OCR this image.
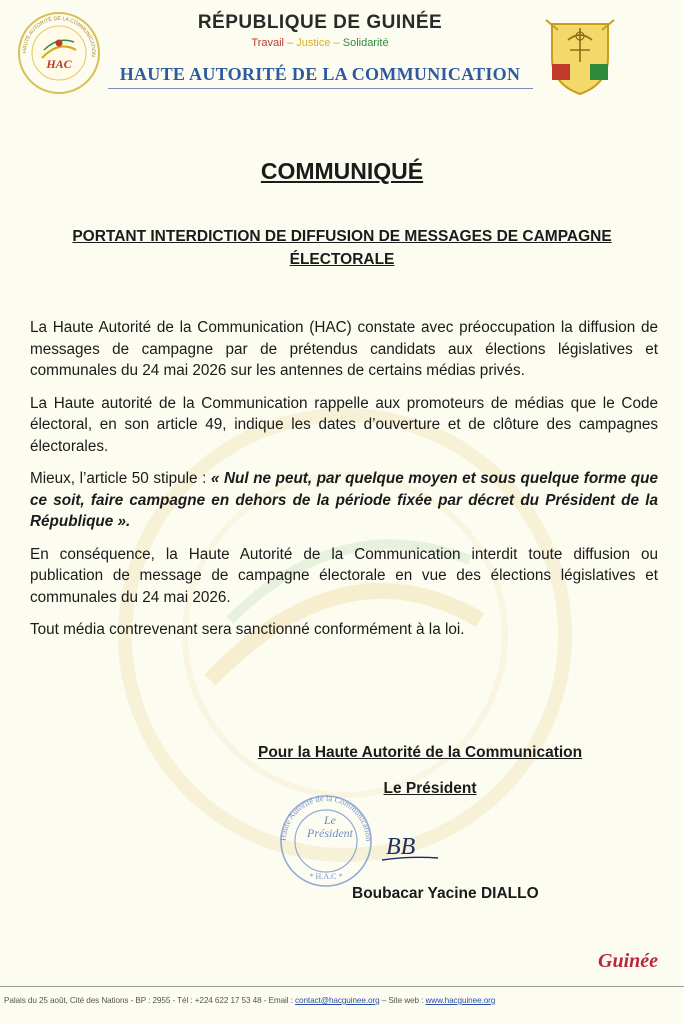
HAUTE AUTORITÉ DE LA COMMUNICATION
HAC
RÉPUBLIQUE DE GUINÉE
Travail – Justice – Solidarité
HAUTE AUTORITÉ DE LA COMMUNICATION
COMMUNIQUÉ
PORTANT INTERDICTION DE DIFFUSION DE MESSAGES DE CAMPAGNE
ÉLECTORALE

La Haute Autorité de la Communication (HAC) constate avec préoccupation la diffusion de messages de campagne par de prétendus candidats aux élections législatives et communales du 24 mai 2026 sur les antennes de certains médias privés.

La Haute autorité de la Communication rappelle aux promoteurs de médias que le Code électoral, en son article 49, indique les dates d’ouverture et de clôture des campagnes électorales.

Mieux, l’article 50 stipule : « Nul ne peut, par quelque moyen et sous quelque forme que ce soit, faire campagne en dehors de la période fixée par décret du Président de la République ».

En conséquence, la Haute Autorité de la Communication interdit toute diffusion ou publication de message de campagne électorale en vue des élections législatives et communales du 24 mai 2026.

Tout média contrevenant sera sanctionné conformément à la loi.

Pour la Haute Autorité de la Communication
Le Président
Haute Autorité de la Communication
* H.A.C *
Le Président
BB
Boubacar Yacine DIALLO
Guinée
Palais du 25 août, Cité des Nations - BP : 2955 - Tél : +224 622 17 53 48 - Email : contact@hacguinee.org – Site web : www.hacguinee.org
